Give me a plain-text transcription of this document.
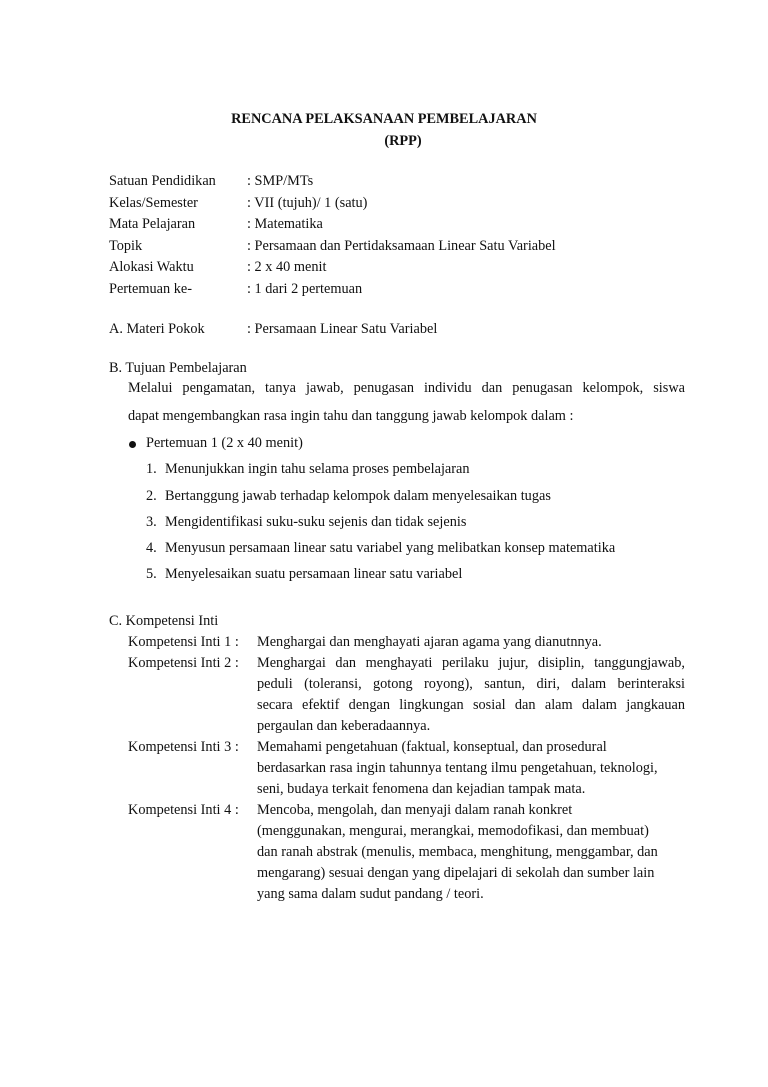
RENCANA PELAKSANAAN PEMBELAJARAN
(RPP)
Satuan Pendidikan : SMP/MTs
Kelas/Semester	: VII (tujuh)/ 1 (satu)
Mata Pelajaran	: Matematika
Topik	: Persamaan dan Pertidaksamaan Linear Satu Variabel
Alokasi Waktu	: 2 x 40 menit
Pertemuan ke-	: 1 dari 2 pertemuan
A. Materi Pokok	: Persamaan Linear Satu Variabel
B. Tujuan Pembelajaran
Melalui pengamatan, tanya jawab, penugasan individu dan penugasan kelompok, siswa
dapat mengembangkan rasa ingin tahu dan tanggung jawab kelompok dalam :
Pertemuan 1 (2 x 40 menit)
1. Menunjukkan ingin tahu selama proses pembelajaran
2. Bertanggung jawab terhadap kelompok dalam menyelesaikan tugas
3. Mengidentifikasi suku-suku sejenis dan tidak sejenis
4. Menyusun persamaan linear satu variabel yang melibatkan konsep matematika
5. Menyelesaikan suatu persamaan linear satu variabel
C. Kompetensi Inti
Kompetensi Inti 1 : Menghargai dan menghayati ajaran agama yang dianutnnya.
Kompetensi Inti 2 : Menghargai dan menghayati perilaku jujur, disiplin, tanggungjawab,
peduli (toleransi, gotong royong), santun, diri, dalam berinteraksi
secara efektif dengan lingkungan sosial dan alam dalam jangkauan
pergaulan dan keberadaannya.
Kompetensi Inti 3 : Memahami pengetahuan (faktual, konseptual, dan prosedural
berdasarkan rasa ingin tahunnya tentang ilmu pengetahuan, teknologi,
seni, budaya terkait fenomena dan kejadian tampak mata.
Kompetensi Inti 4 : Mencoba, mengolah, dan menyaji dalam ranah konkret
(menggunakan, mengurai, merangkai, memodofikasi, dan membuat)
dan ranah abstrak (menulis, membaca, menghitung, menggambar, dan
mengarang) sesuai dengan yang dipelajari di sekolah dan sumber lain
yang sama dalam sudut pandang / teori.
